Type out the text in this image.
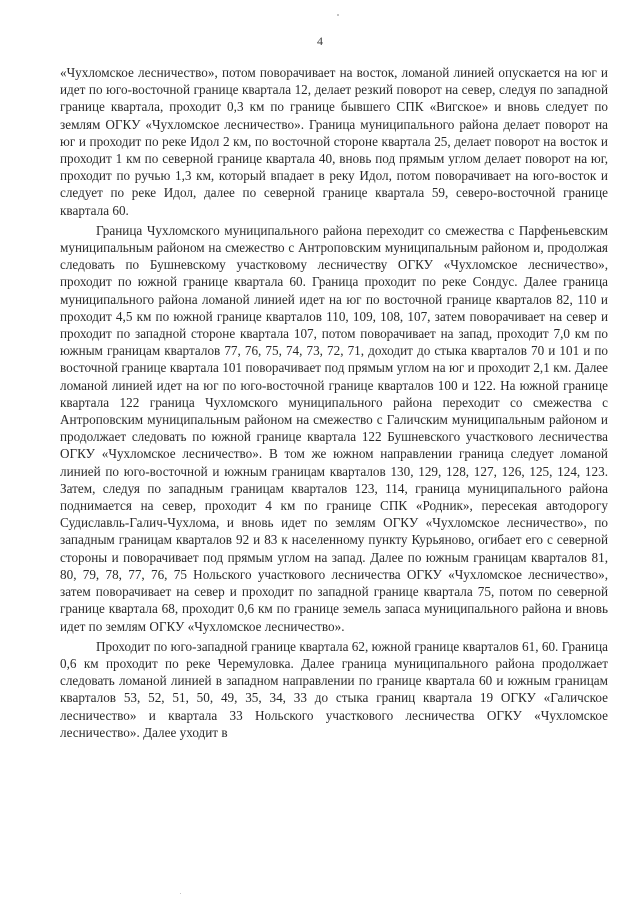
4

«Чухломское лесничество», потом поворачивает на восток, ломаной линией опускается на юг и идет по юго-восточной границе квартала 12, делает резкий поворот на север, следуя по западной границе квартала, проходит 0,3 км по границе бывшего СПК «Вигское» и вновь следует по землям ОГКУ «Чухломское лесничество». Граница муниципального района делает поворот на юг и проходит по реке Идол 2 км, по восточной стороне квартала 25, делает поворот на восток и проходит 1 км по северной границе квартала 40, вновь под прямым углом делает поворот на юг, проходит по ручью 1,3 км, который впадает в реку Идол, потом поворачивает на юго-восток и следует по реке Идол, далее по северной границе квартала 59, северо-восточной границе квартала 60.

Граница Чухломского муниципального района переходит со смежества с Парфеньевским муниципальным районом на смежество с Антроповским муниципальным районом и, продолжая следовать по Бушневскому участковому лесничеству ОГКУ «Чухломское лесничество», проходит по южной границе квартала 60. Граница проходит по реке Сондус. Далее граница муниципального района ломаной линией идет на юг по восточной границе кварталов 82, 110 и проходит 4,5 км по южной границе кварталов 110, 109, 108, 107, затем поворачивает на север и проходит по западной стороне квартала 107, потом поворачивает на запад, проходит 7,0 км по южным границам кварталов 77, 76, 75, 74, 73, 72, 71, доходит до стыка кварталов 70 и 101 и по восточной границе квартала 101 поворачивает под прямым углом на юг и проходит 2,1 км. Далее ломаной линией идет на юг по юго-восточной границе кварталов 100 и 122. На южной границе квартала 122 граница Чухломского муниципального района переходит со смежества с Антроповским муниципальным районом на смежество с Галичским муниципальным районом и продолжает следовать по южной границе квартала 122 Бушневского участкового лесничества ОГКУ «Чухломское лесничество». В том же южном направлении граница следует ломаной линией по юго-восточной и южным границам кварталов 130, 129, 128, 127, 126, 125, 124, 123. Затем, следуя по западным границам кварталов 123, 114, граница муниципального района поднимается на север, проходит 4 км по границе СПК «Родник», пересекая автодорогу Судиславль-Галич-Чухлома, и вновь идет по землям ОГКУ «Чухломское лесничество», по западным границам кварталов 92 и 83 к населенному пункту Курьяново, огибает его с северной стороны и поворачивает под прямым углом на запад. Далее по южным границам кварталов 81, 80, 79, 78, 77, 76, 75 Нольского участкового лесничества ОГКУ «Чухломское лесничество», затем поворачивает на север и проходит по западной границе квартала 75, потом по северной границе квартала 68, проходит 0,6 км по границе земель запаса муниципального района и вновь идет по землям ОГКУ «Чухломское лесничество».

Проходит по юго-западной границе квартала 62, южной границе кварталов 61, 60. Граница 0,6 км проходит по реке Черемуловка. Далее граница муниципального района продолжает следовать ломаной линией в западном направлении по границе квартала 60 и южным границам кварталов 53, 52, 51, 50, 49, 35, 34, 33 до стыка границ квартала 19 ОГКУ «Галичское лесничество» и квартала 33 Нольского участкового лесничества ОГКУ «Чухломское лесничество». Далее уходит в
